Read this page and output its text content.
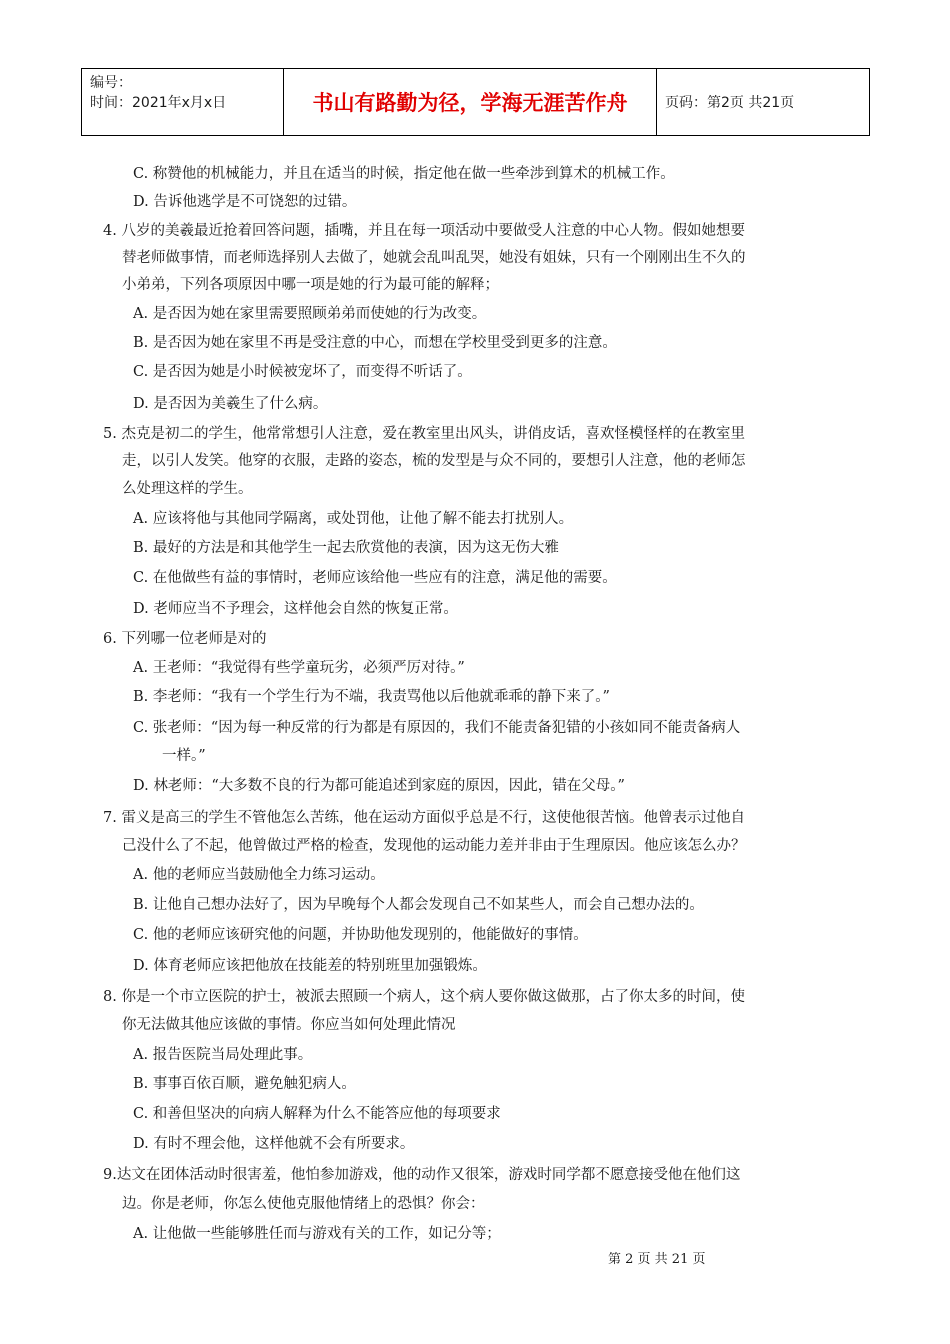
编号：
时间：2021年x月x日	书山有路勤为径，学海无涯苦作舟	页码：第2页 共21页
C. 称赞他的机械能力，并且在适当的时候，指定他在做一些牵涉到算术的机械工作。
D. 告诉他逃学是不可饶恕的过错。
4. 八岁的美羲最近抢着回答问题，插嘴，并且在每一项活动中要做受人注意的中心人物。假如她想要
替老师做事情，而老师选择别人去做了，她就会乱叫乱哭，她没有姐妹，只有一个刚刚出生不久的
小弟弟，下列各项原因中哪一项是她的行为最可能的解释；
A. 是否因为她在家里需要照顾弟弟而使她的行为改变。
B. 是否因为她在家里不再是受注意的中心，而想在学校里受到更多的注意。
C. 是否因为她是小时候被宠坏了，而变得不听话了。
D. 是否因为美羲生了什么病。
5. 杰克是初二的学生，他常常想引人注意，爱在教室里出风头，讲俏皮话，喜欢怪模怪样的在教室里
走，以引人发笑。他穿的衣服，走路的姿态，梳的发型是与众不同的，要想引人注意，他的老师怎
么处理这样的学生。
A. 应该将他与其他同学隔离，或处罚他，让他了解不能去打扰别人。
B. 最好的方法是和其他学生一起去欣赏他的表演，因为这无伤大雅
C. 在他做些有益的事情时，老师应该给他一些应有的注意，满足他的需要。
D. 老师应当不予理会，这样他会自然的恢复正常。
6. 下列哪一位老师是对的
A. 王老师：“我觉得有些学童玩劣，必须严厉对待。”
B. 李老师：“我有一个学生行为不端，我责骂他以后他就乖乖的静下来了。”
C. 张老师：“因为每一种反常的行为都是有原因的，我们不能责备犯错的小孩如同不能责备病人
一样。”
D. 林老师：“大多数不良的行为都可能追述到家庭的原因，因此，错在父母。”
7. 雷义是高三的学生不管他怎么苦练，他在运动方面似乎总是不行，这使他很苦恼。他曾表示过他自
己没什么了不起，他曾做过严格的检查，发现他的运动能力差并非由于生理原因。他应该怎么办？
A. 他的老师应当鼓励他全力练习运动。
B. 让他自己想办法好了，因为早晚每个人都会发现自己不如某些人，而会自己想办法的。
C. 他的老师应该研究他的问题，并协助他发现别的，他能做好的事情。
D. 体育老师应该把他放在技能差的特别班里加强锻炼。
8. 你是一个市立医院的护士，被派去照顾一个病人，这个病人要你做这做那，占了你太多的时间，使
你无法做其他应该做的事情。你应当如何处理此情况
A. 报告医院当局处理此事。
B. 事事百依百顺，避免触犯病人。
C. 和善但坚决的向病人解释为什么不能答应他的每项要求
D. 有时不理会他，这样他就不会有所要求。
9.达文在团体活动时很害羞，他怕参加游戏，他的动作又很笨，游戏时同学都不愿意接受他在他们这
边。你是老师，你怎么使他克服他情绪上的恐惧？你会：
A. 让他做一些能够胜任而与游戏有关的工作，如记分等；
第 2 页 共 21 页
